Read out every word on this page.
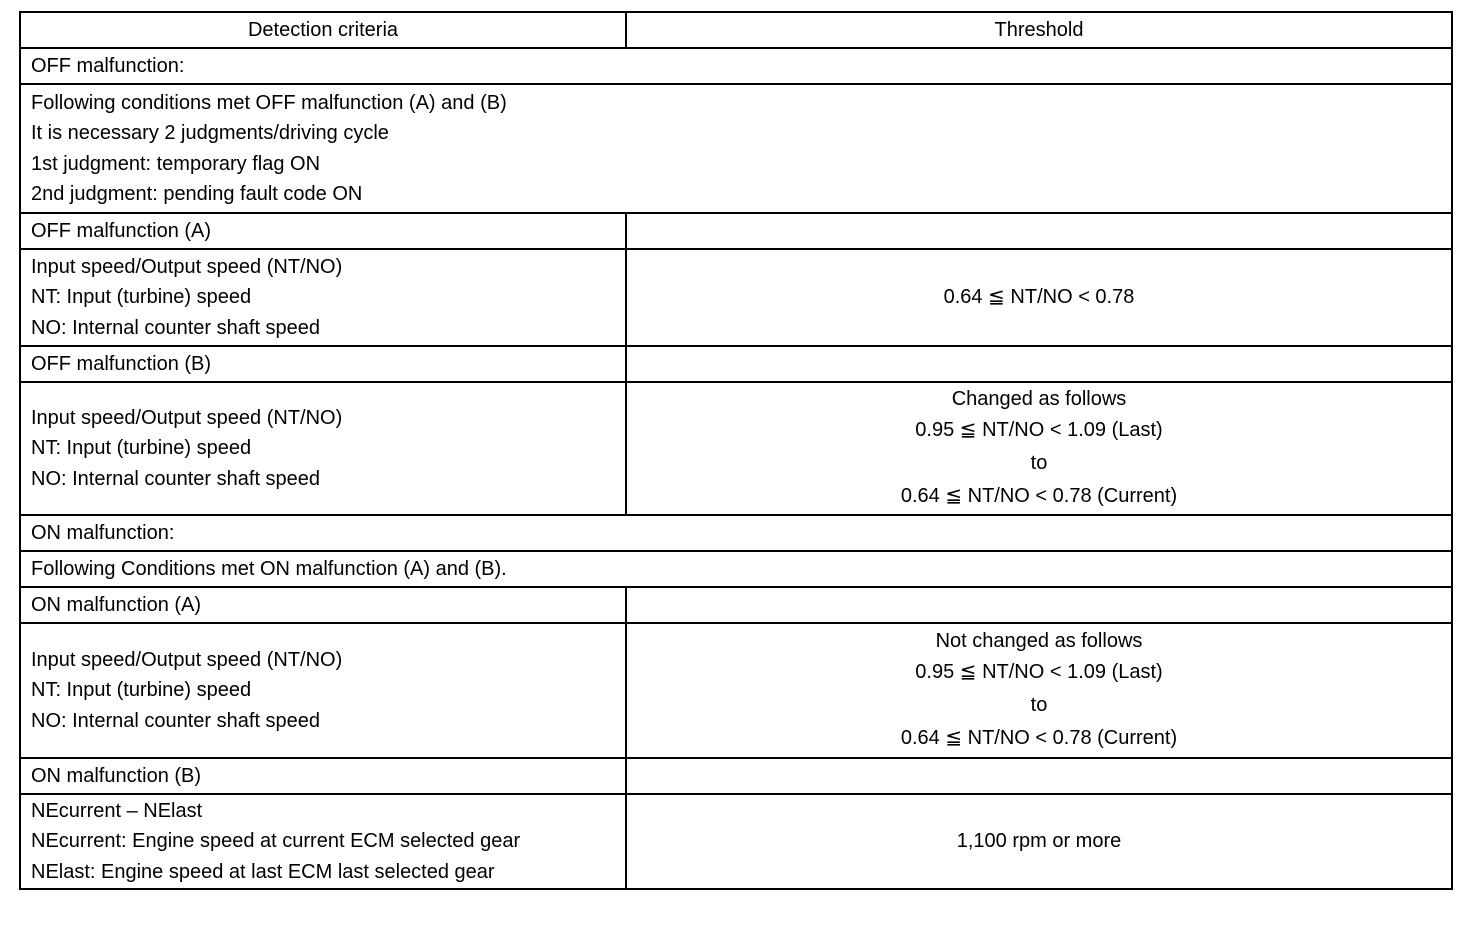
Detection criteria	Threshold
OFF malfunction:	

Following conditions met OFF malfunction (A) and (B)
It is necessary 2 judgments/driving cycle
1st judgment: temporary flag ON
2nd judgment: pending fault code ON	

OFF malfunction (A)	

Input speed/Output speed (NT/NO)
NT: Input (turbine) speed
NO: Internal counter shaft speed	0.64 ≦ NT/NO < 0.78

OFF malfunction (B)	

Input speed/Output speed (NT/NO)
NT: Input (turbine) speed
NO: Internal counter shaft speed	Changed as follows
0.95 ≦ NT/NO < 1.09 (Last)
to
0.64 ≦ NT/NO < 0.78 (Current)

ON malfunction:	
Following Conditions met ON malfunction (A) and (B).	
ON malfunction (A)	

Input speed/Output speed (NT/NO)
NT: Input (turbine) speed
NO: Internal counter shaft speed	Not changed as follows
0.95 ≦ NT/NO < 1.09 (Last)
to
0.64 ≦ NT/NO < 0.78 (Current)

ON malfunction (B)	

NEcurrent – NElast
NEcurrent: Engine speed at current ECM selected gear
NElast: Engine speed at last ECM last selected gear	1,100 rpm or more
